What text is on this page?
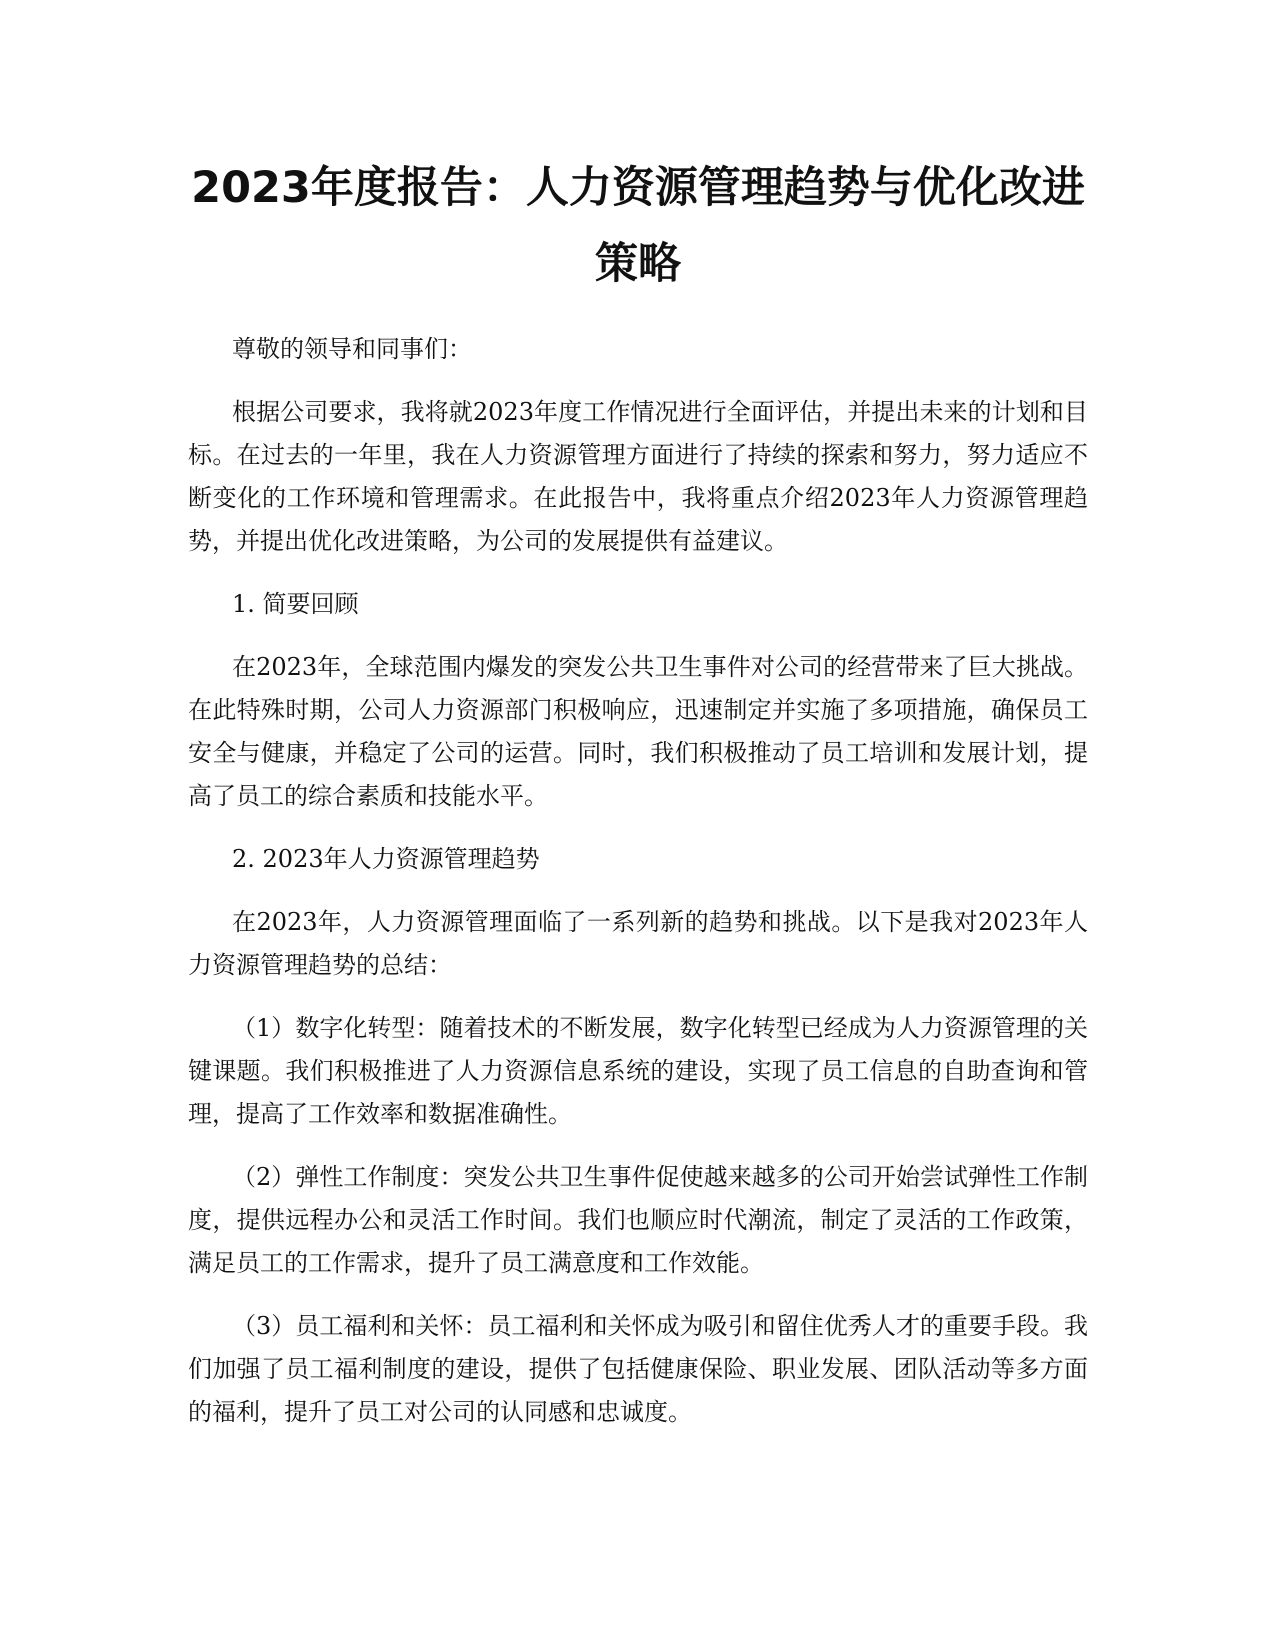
2023年度报告：人力资源管理趋势与优化改进策略

尊敬的领导和同事们：

根据公司要求，我将就2023年度工作情况进行全面评估，并提出未来的计划和目标。在过去的一年里，我在人力资源管理方面进行了持续的探索和努力，努力适应不断变化的工作环境和管理需求。在此报告中，我将重点介绍2023年人力资源管理趋势，并提出优化改进策略，为公司的发展提供有益建议。

1. 简要回顾

在2023年，全球范围内爆发的突发公共卫生事件对公司的经营带来了巨大挑战。在此特殊时期，公司人力资源部门积极响应，迅速制定并实施了多项措施，确保员工安全与健康，并稳定了公司的运营。同时，我们积极推动了员工培训和发展计划，提高了员工的综合素质和技能水平。

2. 2023年人力资源管理趋势

在2023年，人力资源管理面临了一系列新的趋势和挑战。以下是我对2023年人力资源管理趋势的总结：

（1）数字化转型：随着技术的不断发展，数字化转型已经成为人力资源管理的关键课题。我们积极推进了人力资源信息系统的建设，实现了员工信息的自助查询和管理，提高了工作效率和数据准确性。

（2）弹性工作制度：突发公共卫生事件促使越来越多的公司开始尝试弹性工作制度，提供远程办公和灵活工作时间。我们也顺应时代潮流，制定了灵活的工作政策，满足员工的工作需求，提升了员工满意度和工作效能。

（3）员工福利和关怀：员工福利和关怀成为吸引和留住优秀人才的重要手段。我们加强了员工福利制度的建设，提供了包括健康保险、职业发展、团队活动等多方面的福利，提升了员工对公司的认同感和忠诚度。
